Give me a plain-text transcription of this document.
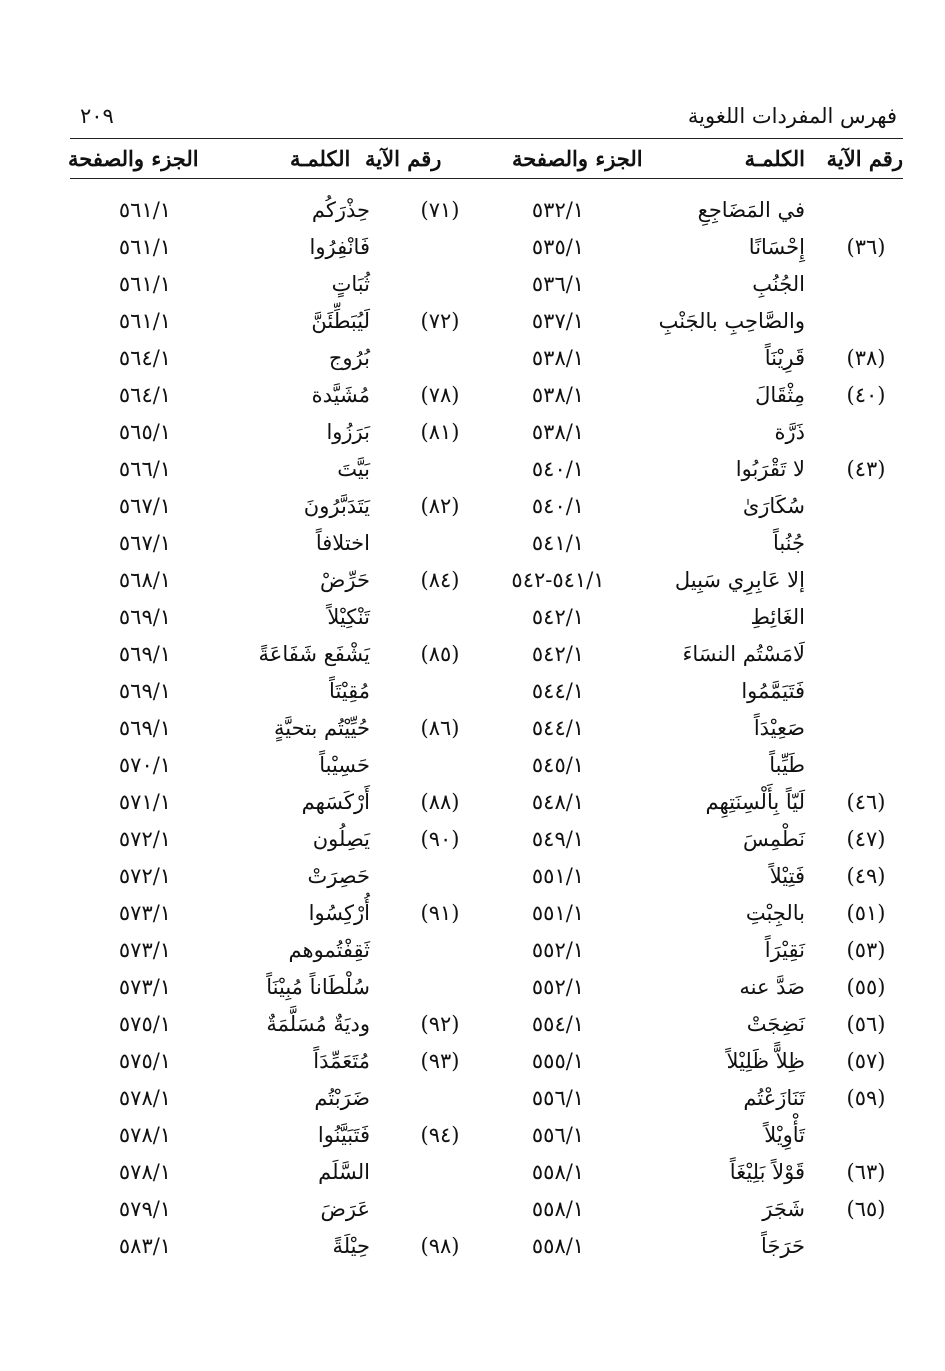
فهرس المفردات اللغوية
٢٠٩
رقم الآية
الكلمـة
الجزء والصفحة
رقم الآية
الكلمـة
الجزء والصفحة
في المَضَاجِعِ
٥٣٢/١
(٣٦)
إِحْسَانًا
٥٣٥/١
الجُنُبِ
٥٣٦/١
والصَّاحِبِ بالجَنْبِ
٥٣٧/١
(٣٨)
قَرِيْنَاً
٥٣٨/١
(٤٠)
مِثْقَالَ
٥٣٨/١
ذَرَّة
٥٣٨/١
(٤٣)
لا تَقْرَبُوا
٥٤٠/١
سُكَارَىٰ
٥٤٠/١
جُنُباً
٥٤١/١
إلا عَابِرِي سَبِيل
٥٤١/١-٥٤٢
الغَائِطِ
٥٤٢/١
لَامَسْتُم النسَاءَ
٥٤٢/١
فَتَيَمَّمُوا
٥٤٤/١
صَعِيْدَاً
٥٤٤/١
طَيِّباً
٥٤٥/١
(٤٦)
لَيّاً بِأَلْسِنَتِهِم
٥٤٨/١
(٤٧)
نَطْمِسَ
٥٤٩/١
(٤٩)
فَتِيْلاً
٥٥١/١
(٥١)
بالجِبْتِ
٥٥١/١
(٥٣)
نَقِيْرَاً
٥٥٢/١
(٥٥)
صَدَّ عنه
٥٥٢/١
(٥٦)
نَضِجَتْ
٥٥٤/١
(٥٧)
ظِلاًّ ظَلِيْلاً
٥٥٥/١
(٥٩)
تَنَازَعْتُم
٥٥٦/١
تَأْوِيْلاً
٥٥٦/١
(٦٣)
قَوْلاً بَلِيْغَاً
٥٥٨/١
(٦٥)
شَجَرَ
٥٥٨/١
حَرَجَاً
٥٥٨/١
(٧١)
حِذْرَكُم
٥٦١/١
فَانْفِرُوا
٥٦١/١
ثُبَاتٍ
٥٦١/١
(٧٢)
لَيُبَطِّئَنَّ
٥٦١/١
بُرُوج
٥٦٤/١
(٧٨)
مُشَيَّدة
٥٦٤/١
(٨١)
بَرَزُوا
٥٦٥/١
بَيَّتَ
٥٦٦/١
(٨٢)
يَتَدَبَّرُونَ
٥٦٧/١
اختلافاً
٥٦٧/١
(٨٤)
حَرِّضْ
٥٦٨/١
تَنْكِيْلاً
٥٦٩/١
(٨٥)
يَشْفَع شَفَاعَةً
٥٦٩/١
مُقِيْتَاً
٥٦٩/١
(٨٦)
حُيِّيْتُم بتحيَّةٍ
٥٦٩/١
حَسِيْباً
٥٧٠/١
(٨٨)
أَرْكَسَهم
٥٧١/١
(٩٠)
يَصِلُون
٥٧٢/١
حَصِرَتْ
٥٧٢/١
(٩١)
أُرْكِسُوا
٥٧٣/١
ثَقِفْتُموهم
٥٧٣/١
سُلْطَاناً مُبِيْنَاً
٥٧٣/١
(٩٢)
وديَةٌ مُسَلَّمَةٌ
٥٧٥/١
(٩٣)
مُتَعَمِّدَاً
٥٧٥/١
ضَرَبْتُم
٥٧٨/١
(٩٤)
فَتَبَيَّنُوا
٥٧٨/١
السَّلَم
٥٧٨/١
عَرَضَ
٥٧٩/١
(٩٨)
حِيْلَةً
٥٨٣/١
